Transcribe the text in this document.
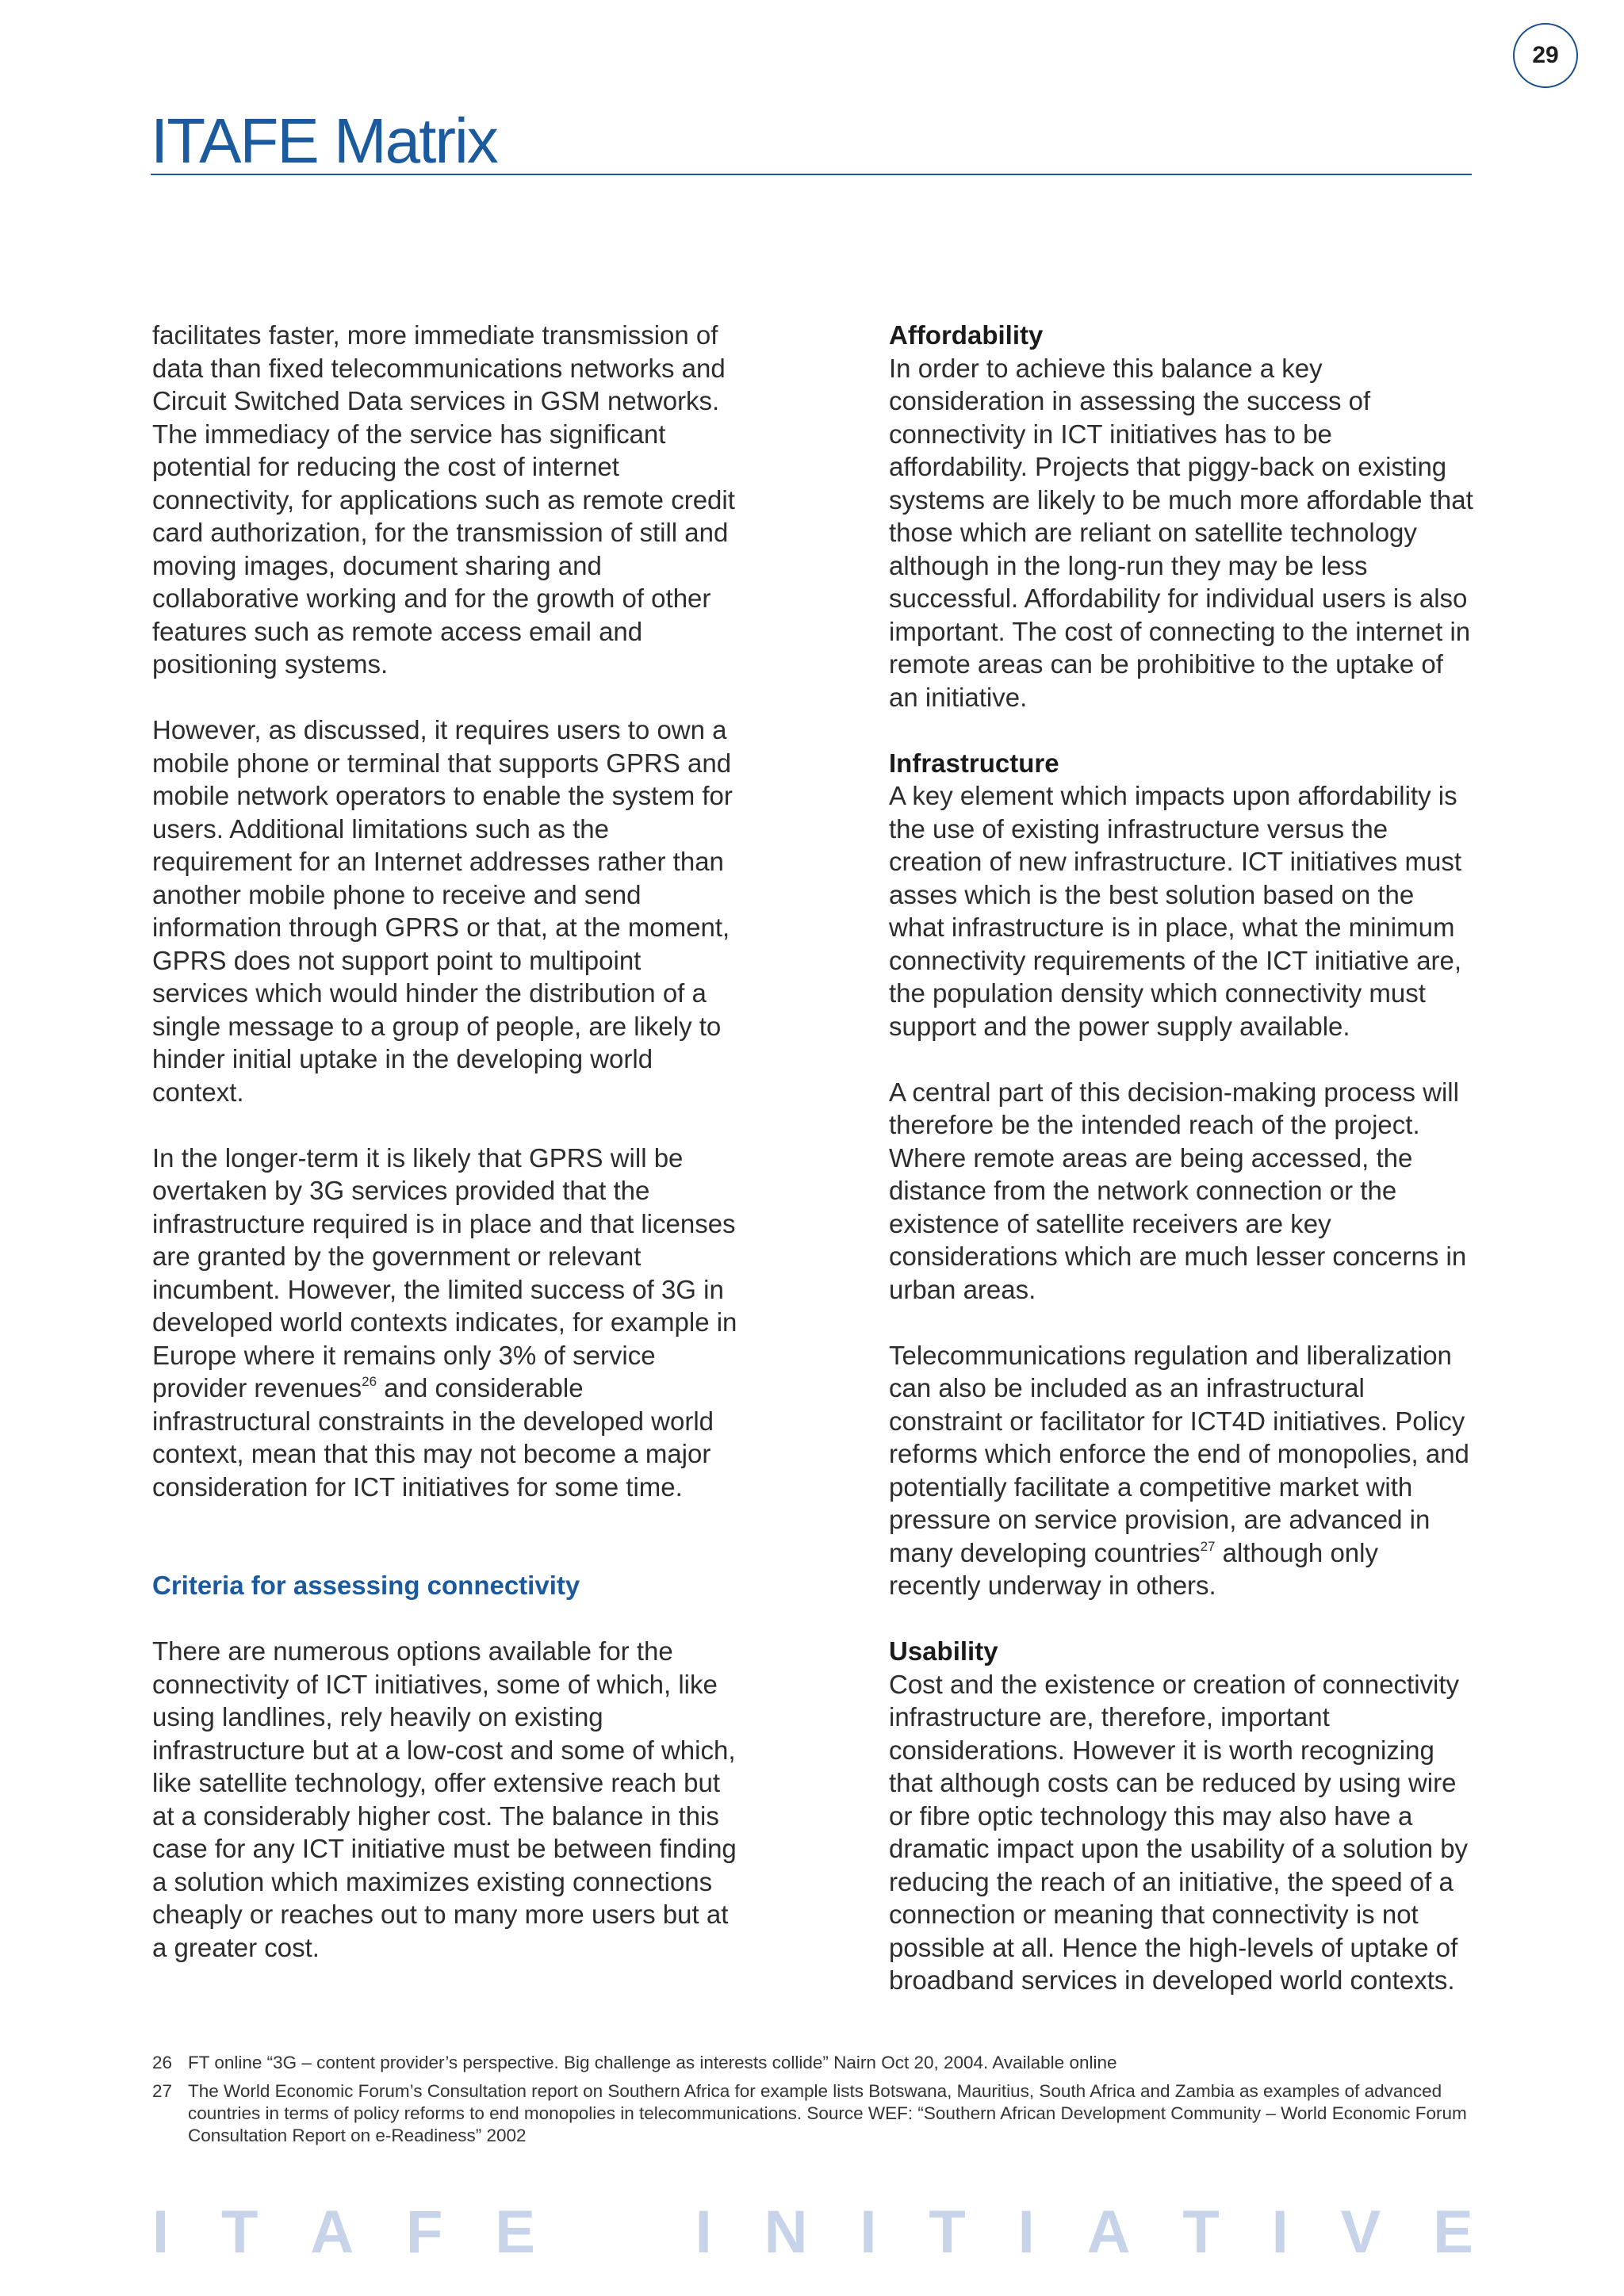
29
ITAFE Matrix

facilitates faster, more immediate transmission of data than fixed telecommunications networks and Circuit Switched Data services in GSM networks. The immediacy of the service has significant potential for reducing the cost of internet connectivity, for applications such as remote credit card authorization, for the transmission of still and moving images, document sharing and collaborative working and for the growth of other features such as remote access email and positioning systems.

However, as discussed, it requires users to own a mobile phone or terminal that supports GPRS and mobile network operators to enable the system for users. Additional limitations such as the requirement for an Internet addresses rather than another mobile phone to receive and send information through GPRS or that, at the moment, GPRS does not support point to multipoint services which would hinder the distribution of a single message to a group of people, are likely to hinder initial uptake in the developing world context.

In the longer-term it is likely that GPRS will be overtaken by 3G services provided that the infrastructure required is in place and that licenses are granted by the government or relevant incumbent. However, the limited success of 3G in developed world contexts indicates, for example in Europe where it remains only 3% of service provider revenues$^{26}$ and considerable infrastructural constraints in the developed world context, mean that this may not become a major consideration for ICT initiatives for some time.

Criteria for assessing connectivity

There are numerous options available for the connectivity of ICT initiatives, some of which, like using landlines, rely heavily on existing infrastructure but at a low-cost and some of which, like satellite technology, offer extensive reach but at a considerably higher cost. The balance in this case for any ICT initiative must be between finding a solution which maximizes existing connections cheaply or reaches out to many more users but at a greater cost.

Affordability
In order to achieve this balance a key consideration in assessing the success of connectivity in ICT initiatives has to be affordability. Projects that piggy-back on existing systems are likely to be much more affordable that those which are reliant on satellite technology although in the long-run they may be less successful. Affordability for individual users is also important. The cost of connecting to the internet in remote areas can be prohibitive to the uptake of an initiative.

Infrastructure
A key element which impacts upon affordability is the use of existing infrastructure versus the creation of new infrastructure. ICT initiatives must asses which is the best solution based on the what infrastructure is in place, what the minimum connectivity requirements of the ICT initiative are, the population density which connectivity must support and the power supply available.

A central part of this decision-making process will therefore be the intended reach of the project. Where remote areas are being accessed, the distance from the network connection or the existence of satellite receivers are key considerations which are much lesser concerns in urban areas.

Telecommunications regulation and liberalization can also be included as an infrastructural constraint or facilitator for ICT4D initiatives. Policy reforms which enforce the end of monopolies, and potentially facilitate a competitive market with pressure on service provision, are advanced in many developing countries$^{27}$ although only recently underway in others.

Usability
Cost and the existence or creation of connectivity infrastructure are, therefore, important considerations. However it is worth recognizing that although costs can be reduced by using wire or fibre optic technology this may also have a dramatic impact upon the usability of a solution by reducing the reach of an initiative, the speed of a connection or meaning that connectivity is not possible at all. Hence the high-levels of uptake of broadband services in developed world contexts.

26 FT online “3G – content provider’s perspective. Big challenge as interests collide” Nairn Oct 20, 2004. Available online
27 The World Economic Forum’s Consultation report on Southern Africa for example lists Botswana, Mauritius, South Africa and Zambia as examples of advanced countries in terms of policy reforms to end monopolies in telecommunications. Source WEF: “Southern African Development Community – World Economic Forum Consultation Report on e-Readiness” 2002
I T A F E	I N I T I A T I V E
